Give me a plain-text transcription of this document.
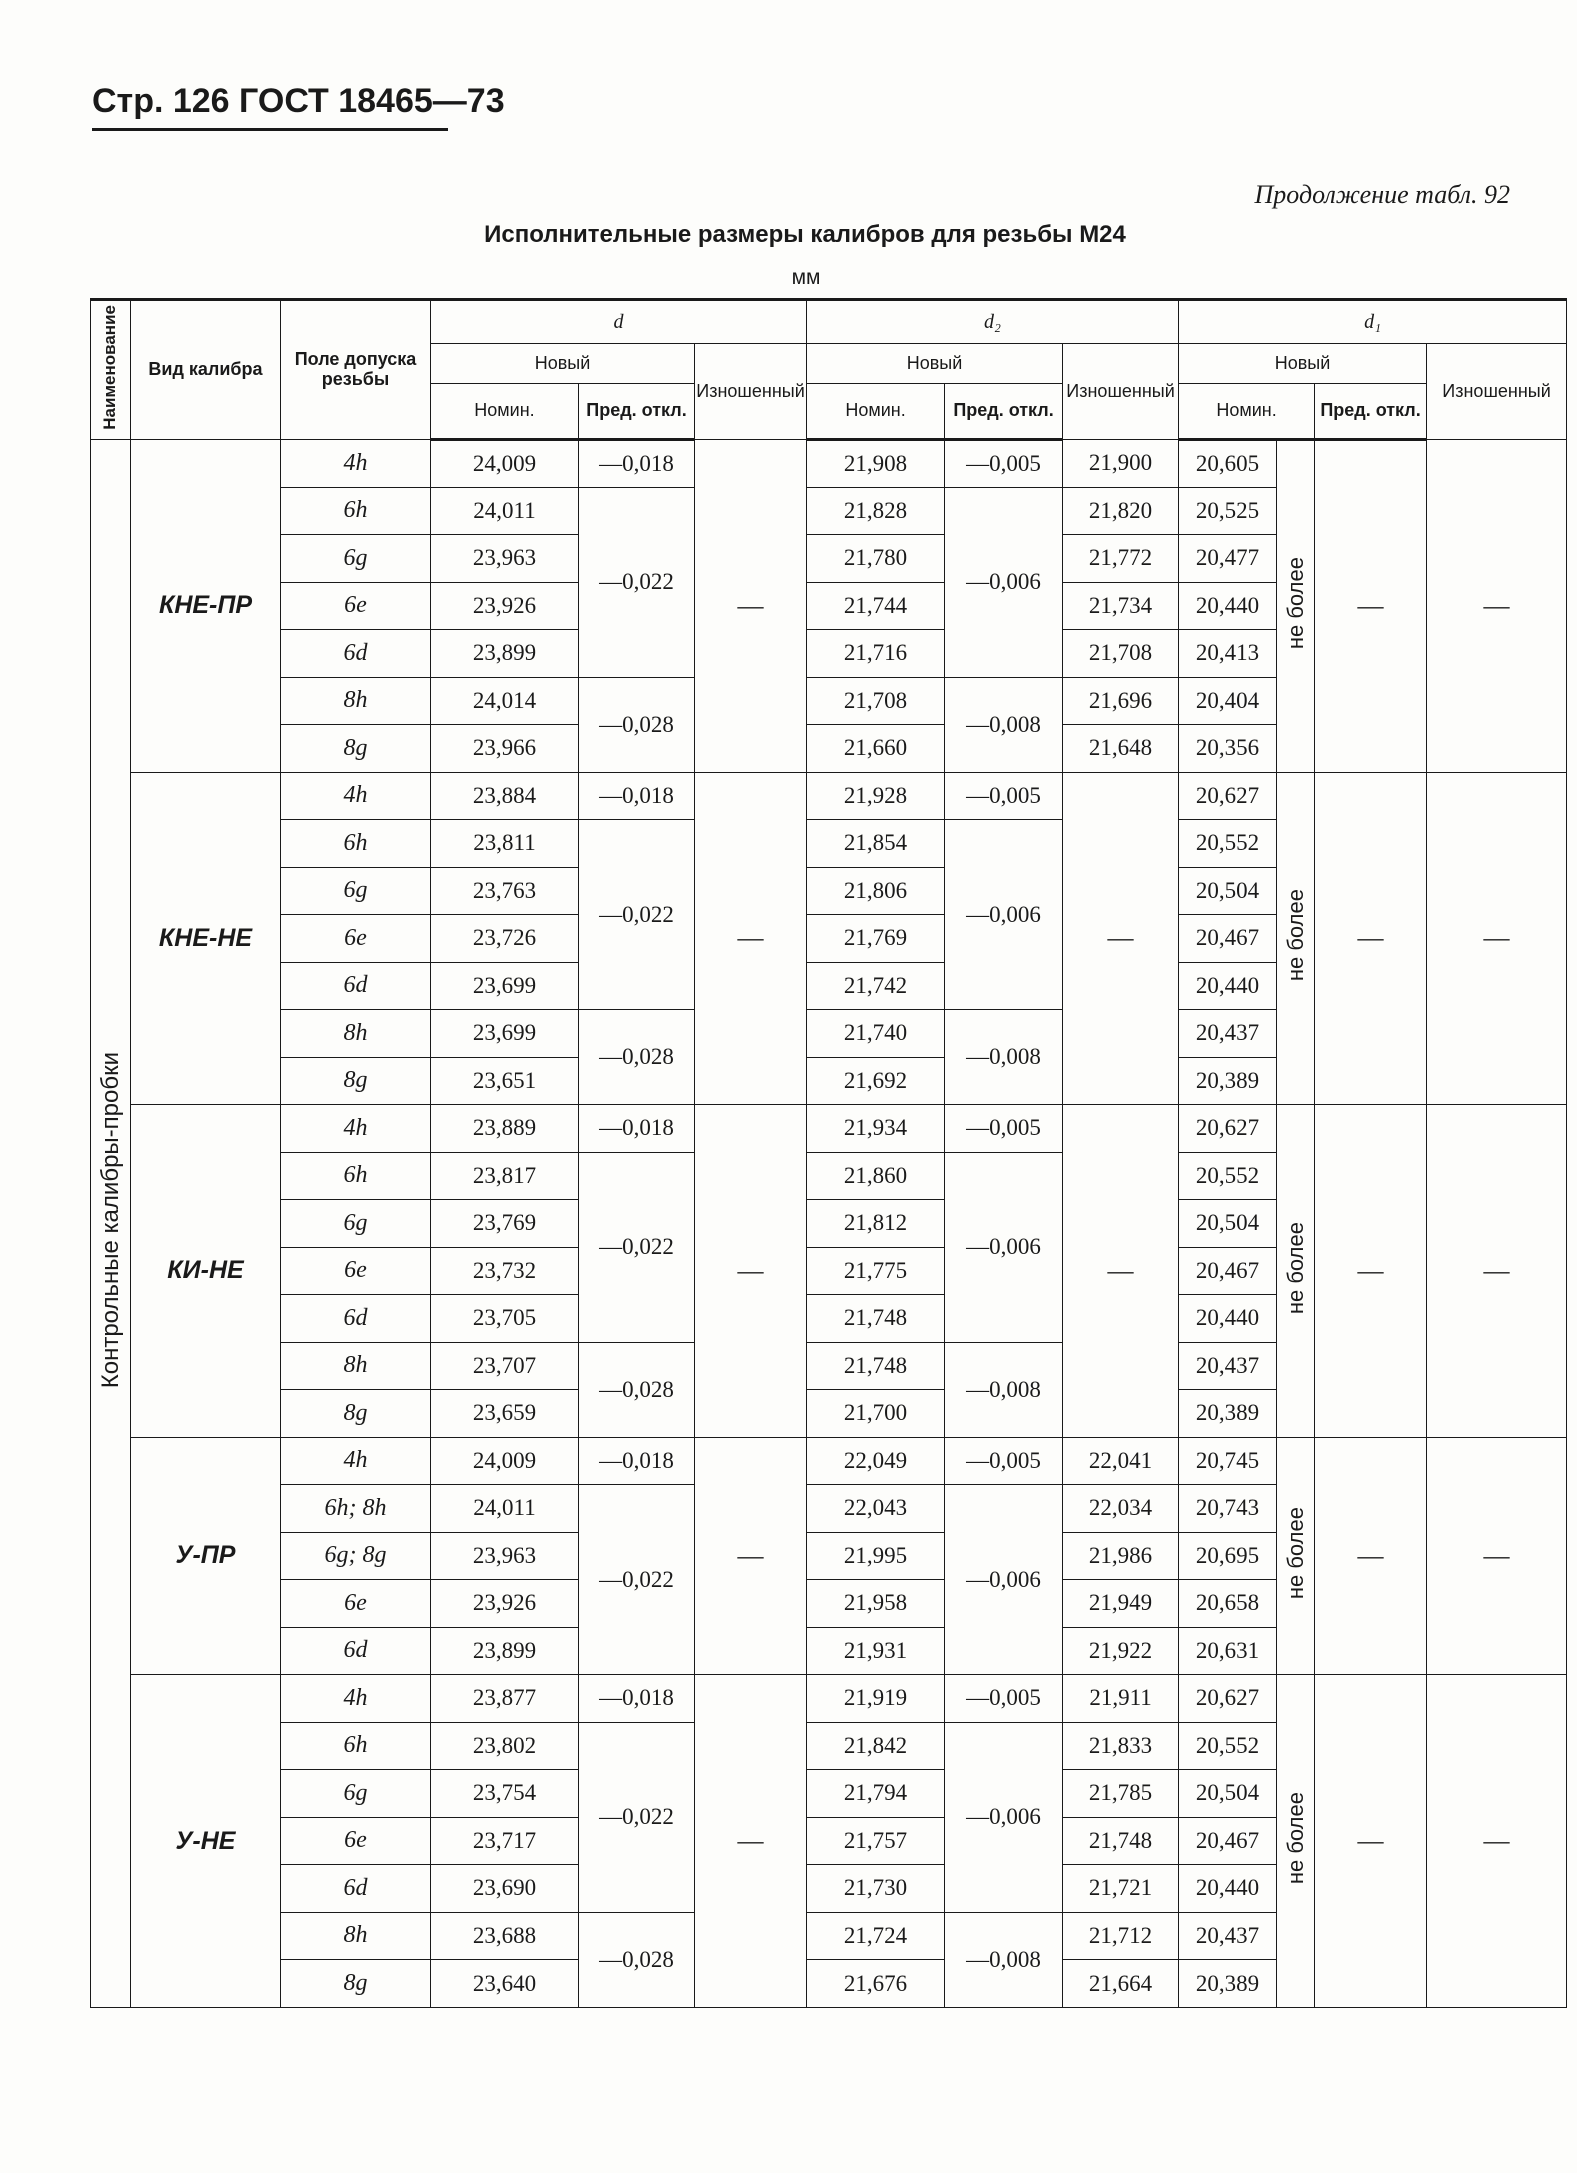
Стр. 126 ГОСТ 18465—73
Продолжение табл. 92
Исполнительные размеры калибров для резьбы М24
мм
Наименование	Вид калибра	Поле допуска резьбы	d			d₂			d₁			
			Новый		Изношенный	Новый		Изношенный	Новый			Изношенный
			Номин.	Пред. откл.		Номин.	Пред. откл.		Номин.		Пред. откл.	
Контрольные калибры-пробки	КНЕ-ПР	4h	24,009	—0,018	—	21,908	—0,005	21,900	20,605	не более	—	—
		6h	24,011	—0,022		21,828	—0,006	21,820	20,525			
		6g	23,963			21,780		21,772	20,477			
		6e	23,926			21,744		21,734	20,440			
		6d	23,899			21,716		21,708	20,413			
		8h	24,014	—0,028		21,708	—0,008	21,696	20,404			
		8g	23,966			21,660		21,648	20,356			
	КНЕ-НЕ	4h	23,884	—0,018	—	21,928	—0,005	—	20,627	не более	—	—
		6h	23,811	—0,022		21,854	—0,006		20,552			
		6g	23,763			21,806			20,504			
		6e	23,726			21,769			20,467			
		6d	23,699			21,742			20,440			
		8h	23,699	—0,028		21,740	—0,008		20,437			
		8g	23,651			21,692			20,389			
	КИ-НЕ	4h	23,889	—0,018	—	21,934	—0,005	—	20,627	не более	—	—
		6h	23,817	—0,022		21,860	—0,006		20,552			
		6g	23,769			21,812			20,504			
		6e	23,732			21,775			20,467			
		6d	23,705			21,748			20,440			
		8h	23,707	—0,028		21,748	—0,008		20,437			
		8g	23,659			21,700			20,389			
	У-ПР	4h	24,009	—0,018	—	22,049	—0,005	22,041	20,745	не более	—	—
		6h; 8h	24,011	—0,022		22,043	—0,006	22,034	20,743			
		6g; 8g	23,963			21,995		21,986	20,695			
		6e	23,926			21,958		21,949	20,658			
		6d	23,899			21,931		21,922	20,631			
	У-НЕ	4h	23,877	—0,018	—	21,919	—0,005	21,911	20,627	не более	—	—
		6h	23,802	—0,022		21,842	—0,006	21,833	20,552			
		6g	23,754			21,794		21,785	20,504			
		6e	23,717			21,757		21,748	20,467			
		6d	23,690			21,730		21,721	20,440			
		8h	23,688	—0,028		21,724	—0,008	21,712	20,437			
		8g	23,640			21,676		21,664	20,389			
